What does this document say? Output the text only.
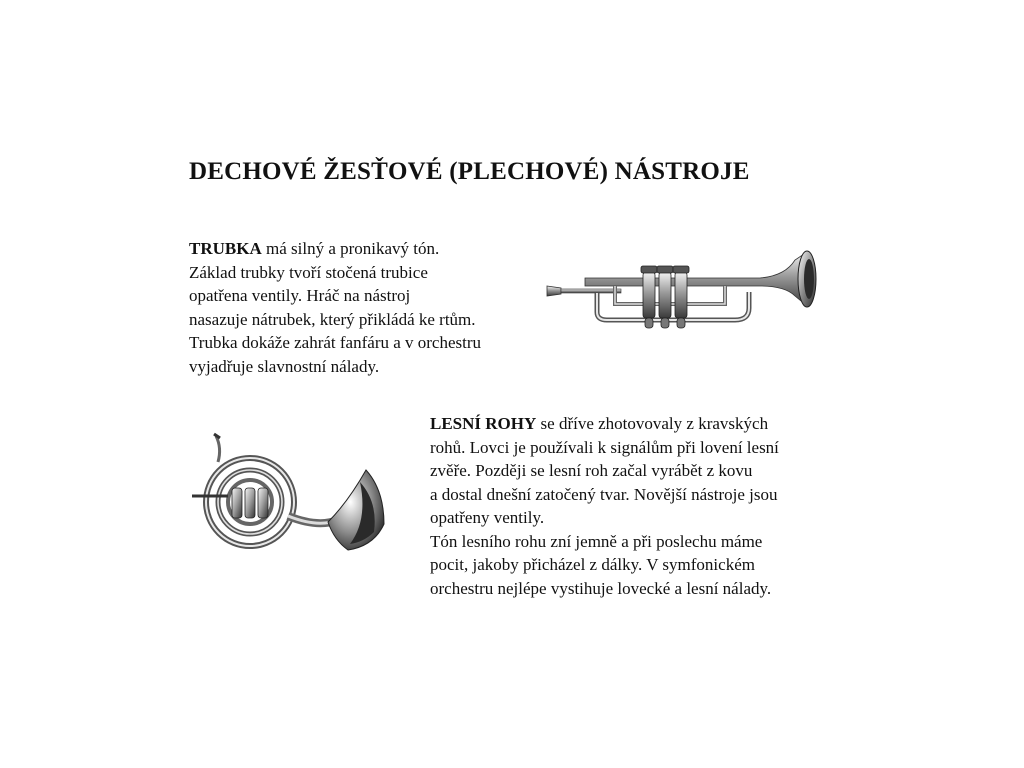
DECHOVÉ ŽESŤOVÉ (PLECHOVÉ) NÁSTROJE

TRUBKA má silný a pronikavý tón.
Základ trubky tvoří stočená trubice
opatřena ventily. Hráč na nástroj
nasazuje nátrubek, který přikládá ke rtům.
Trubka dokáže zahrát fanfáru a v orchestru
vyjadřuje slavnostní nálady.

LESNÍ ROHY se dříve zhotovovaly z kravských
rohů. Lovci je používali k signálům při lovení lesní
zvěře. Později se lesní roh začal vyrábět z kovu
a dostal dnešní zatočený tvar. Novější nástroje jsou
opatřeny ventily.
Tón lesního rohu zní jemně a při poslechu máme
pocit, jakoby přicházel z dálky. V symfonickém
orchestru nejlépe vystihuje lovecké a lesní nálady.
